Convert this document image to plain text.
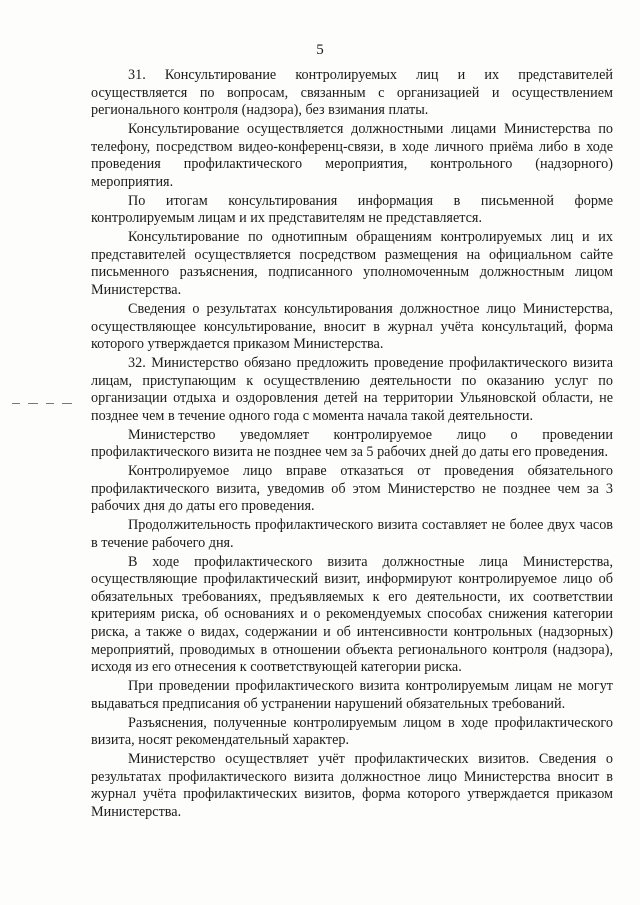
5

31. Консультирование контролируемых лиц и их представителей осуществляется по вопросам, связанным с организацией и осуществлением регионального контроля (надзора), без взимания платы.

Консультирование осуществляется должностными лицами Министерства по телефону, посредством видео-конференц-связи, в ходе личного приёма либо в ходе проведения профилактического мероприятия, контрольного (надзорного) мероприятия.

По итогам консультирования информация в письменной форме контролируемым лицам и их представителям не представляется.

Консультирование по однотипным обращениям контролируемых лиц и их представителей осуществляется посредством размещения на официальном сайте письменного разъяснения, подписанного уполномоченным должностным лицом Министерства.

Сведения о результатах консультирования должностное лицо Министерства, осуществляющее консультирование, вносит в журнал учёта консультаций, форма которого утверждается приказом Министерства.

32. Министерство обязано предложить проведение профилактического визита лицам, приступающим к осуществлению деятельности по оказанию услуг по организации отдыха и оздоровления детей на территории Ульяновской области, не позднее чем в течение одного года с момента начала такой деятельности.

Министерство уведомляет контролируемое лицо о проведении профилактического визита не позднее чем за 5 рабочих дней до даты его проведения.

Контролируемое лицо вправе отказаться от проведения обязательного профилактического визита, уведомив об этом Министерство не позднее чем за 3 рабочих дня до даты его проведения.

Продолжительность профилактического визита составляет не более двух часов в течение рабочего дня.

В ходе профилактического визита должностные лица Министерства, осуществляющие профилактический визит, информируют контролируемое лицо об обязательных требованиях, предъявляемых к его деятельности, их соответствии критериям риска, об основаниях и о рекомендуемых способах снижения категории риска, а также о видах, содержании и об интенсивности контрольных (надзорных) мероприятий, проводимых в отношении объекта регионального контроля (надзора), исходя из его отнесения к соответствующей категории риска.

При проведении профилактического визита контролируемым лицам не могут выдаваться предписания об устранении нарушений обязательных требований.

Разъяснения, полученные контролируемым лицом в ходе профилактического визита, носят рекомендательный характер.

Министерство осуществляет учёт профилактических визитов. Сведения о результатах профилактического визита должностное лицо Министерства вносит в журнал учёта профилактических визитов, форма которого утверждается приказом Министерства.
